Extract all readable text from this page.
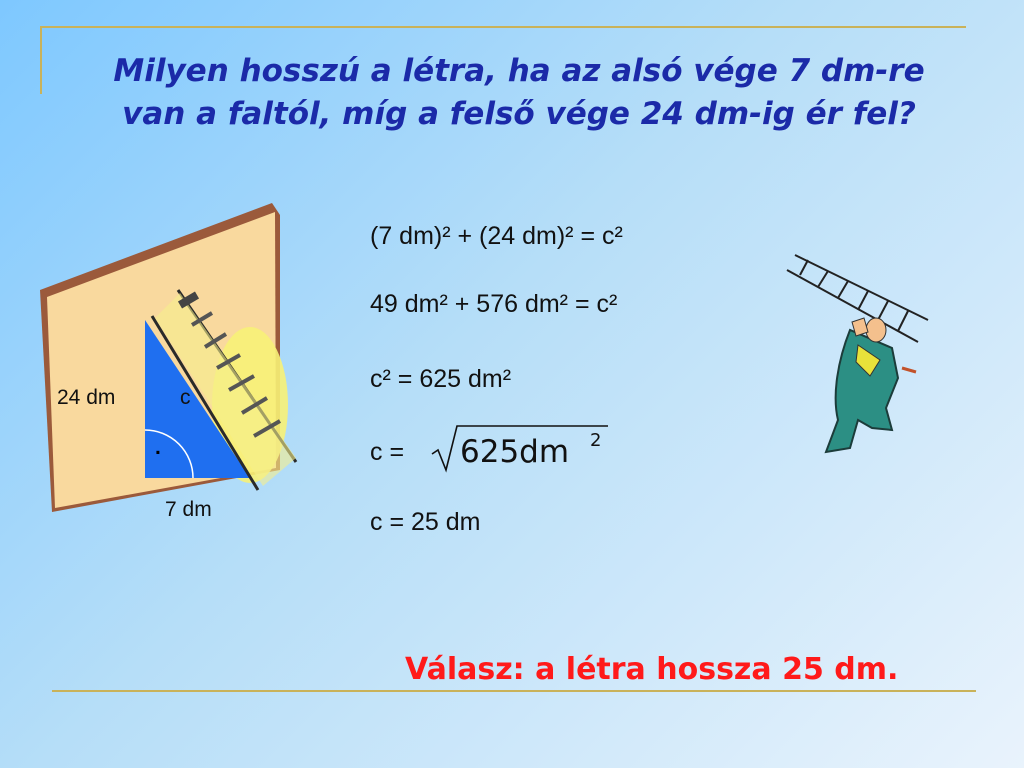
Milyen hosszú a létra, ha az alsó vége 7 dm-re
van a faltól, míg a felső vége 24 dm-ig ér fel?
24 dm	c
.
7 dm
(7 dm)² + (24 dm)² = c²
49 dm² + 576 dm² = c²
c² = 625 dm²
c = 625dm 2
c = 25 dm
Válasz: a létra hossza 25 dm.
